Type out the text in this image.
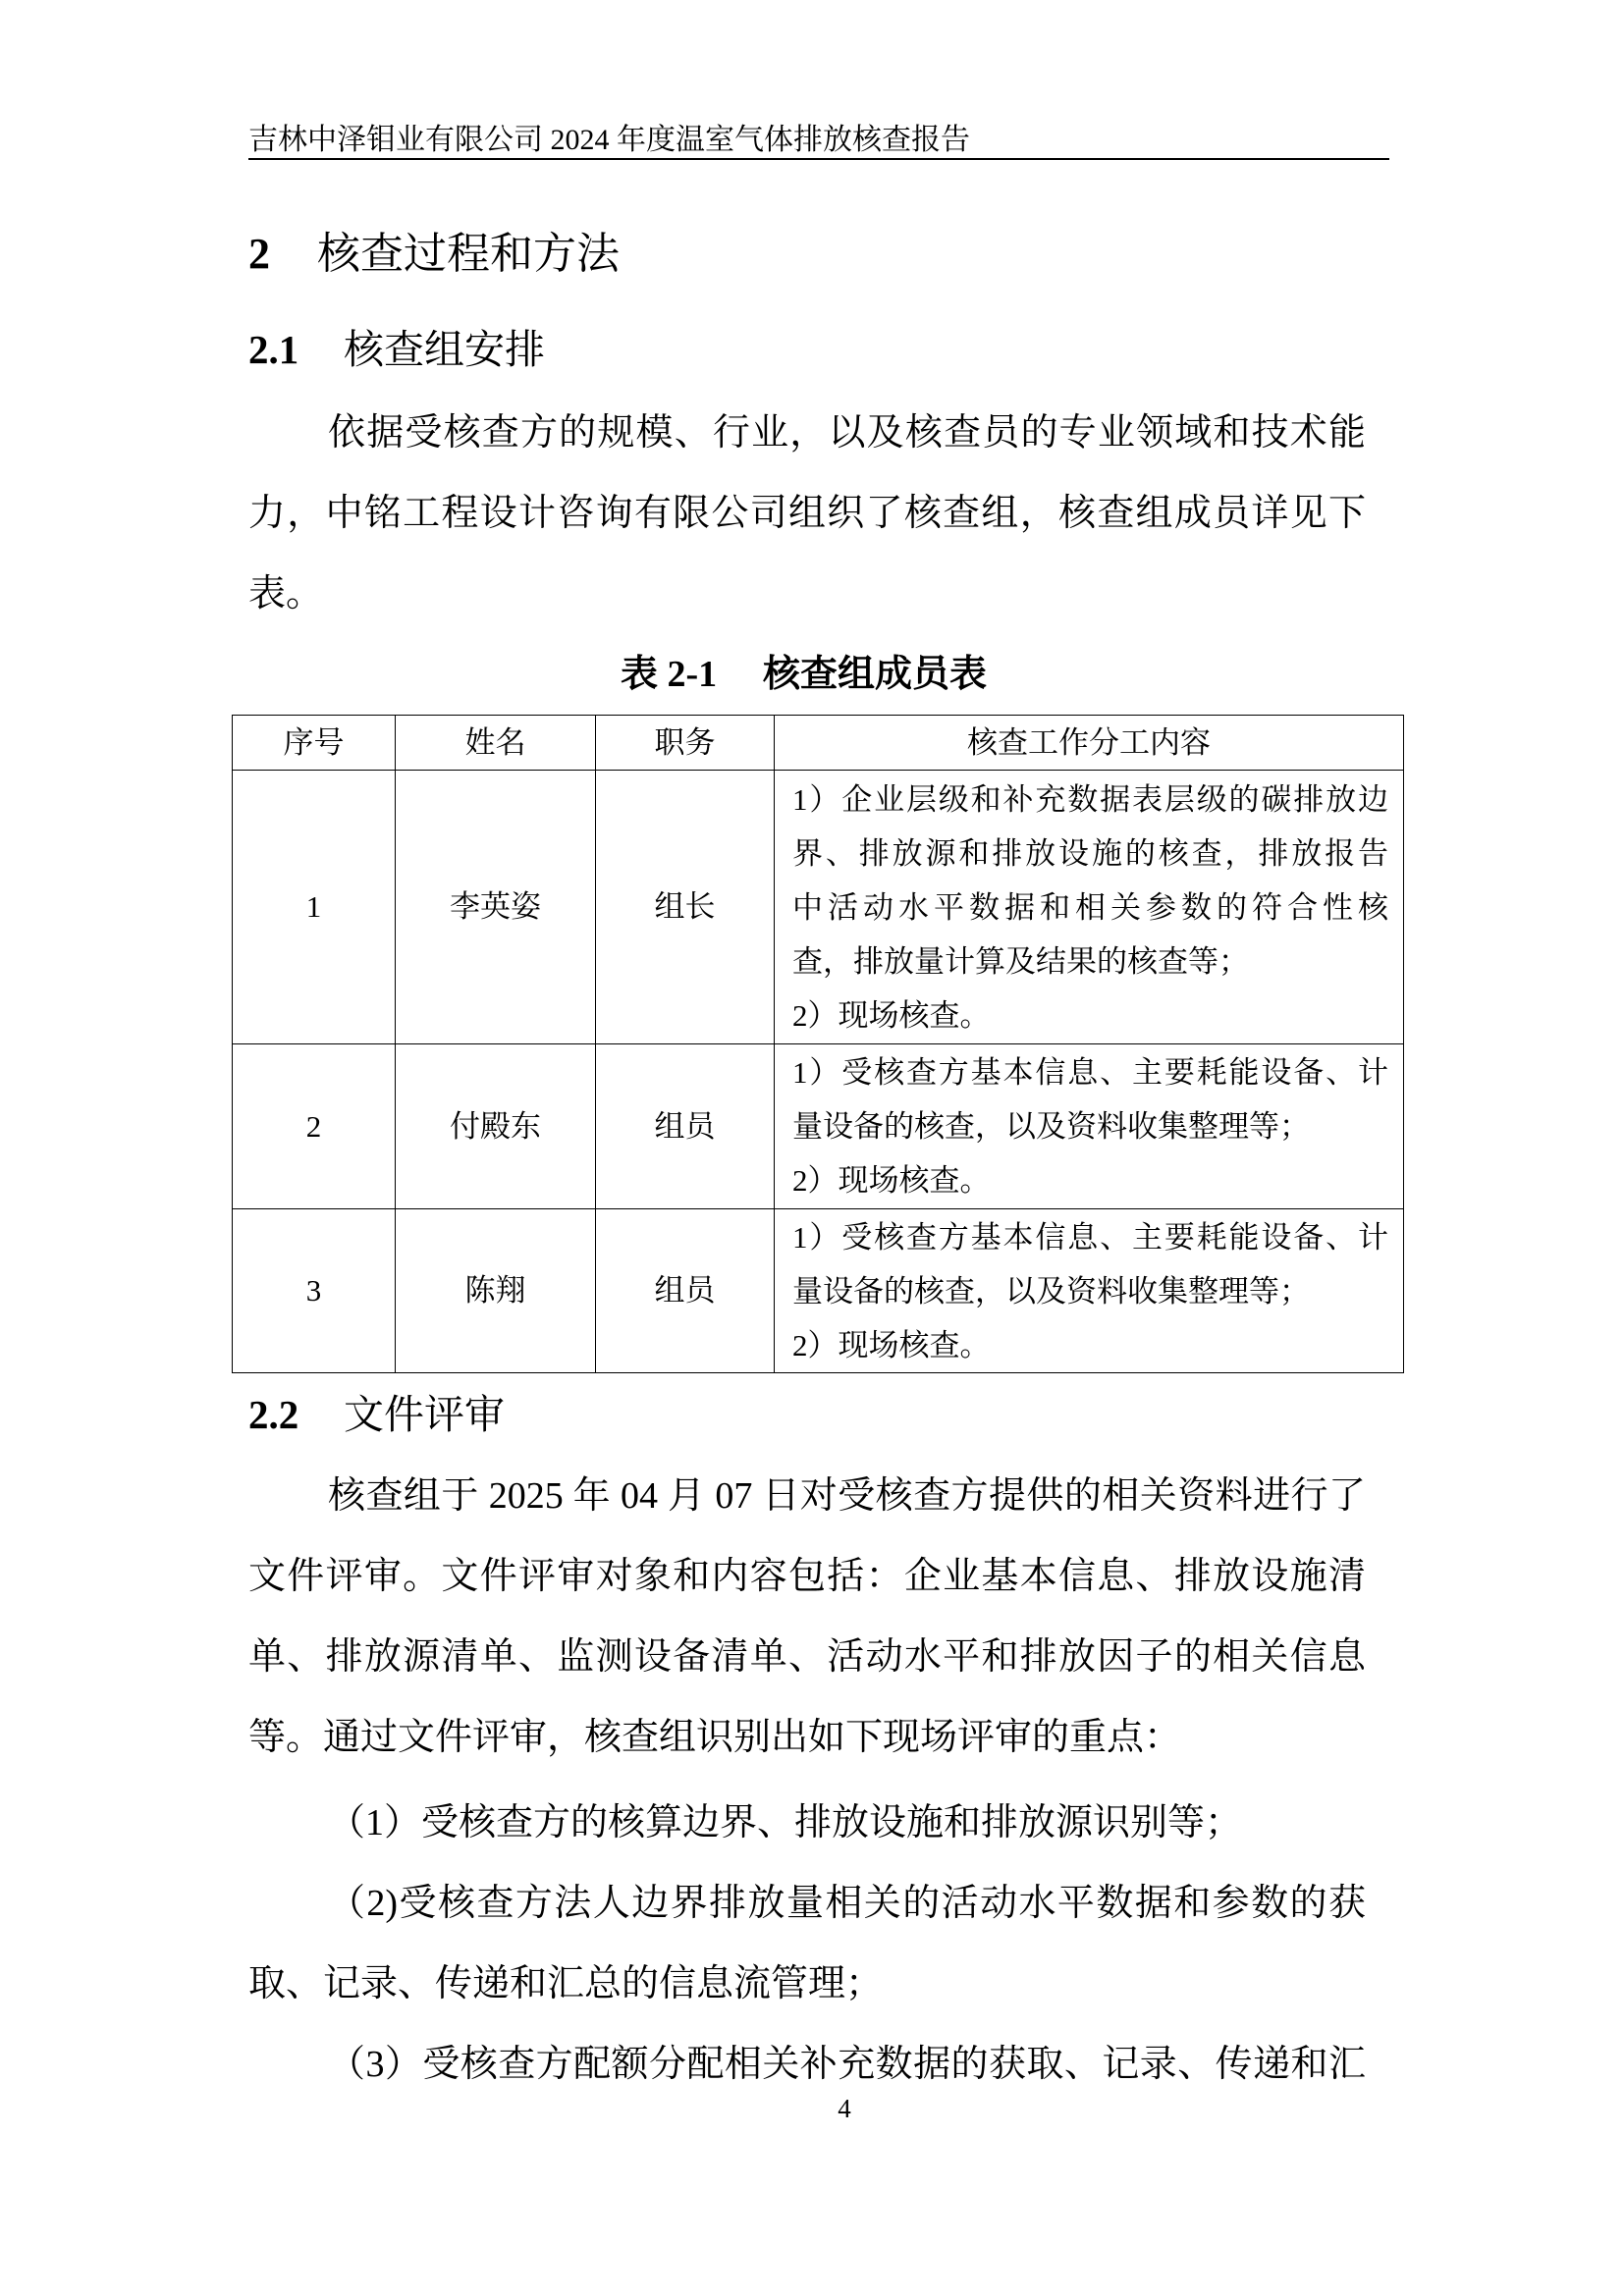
吉林中泽钼业有限公司 2024 年度温室气体排放核查报告
2 核查过程和方法
2.1 核查组安排
依据受核查方的规模、行业，以及核查员的专业领域和技术能
力，中铭工程设计咨询有限公司组织了核查组，核查组成员详见下
表。
表 2-1 核查组成员表
序号	姓名	职务	核查工作分工内容
1	李英姿	组长	1）企业层级和补充数据表层级的碳排放边
界、排放源和排放设施的核查，排放报告
中活动水平数据和相关参数的符合性核
查，排放量计算及结果的核查等；
2）现场核查。

2	付殿东	组员	1）受核查方基本信息、主要耗能设备、计
量设备的核查，以及资料收集整理等；
2）现场核查。

3	陈翔	组员	1）受核查方基本信息、主要耗能设备、计
量设备的核查，以及资料收集整理等；
2）现场核查。
2.2 文件评审
核查组于 2025 年 04 月 07 日对受核查方提供的相关资料进行了
文件评审。文件评审对象和内容包括：企业基本信息、排放设施清
单、排放源清单、监测设备清单、活动水平和排放因子的相关信息
等。通过文件评审，核查组识别出如下现场评审的重点：
（1）受核查方的核算边界、排放设施和排放源识别等；
（2)受核查方法人边界排放量相关的活动水平数据和参数的获
取、记录、传递和汇总的信息流管理；
（3）受核查方配额分配相关补充数据的获取、记录、传递和汇
4
